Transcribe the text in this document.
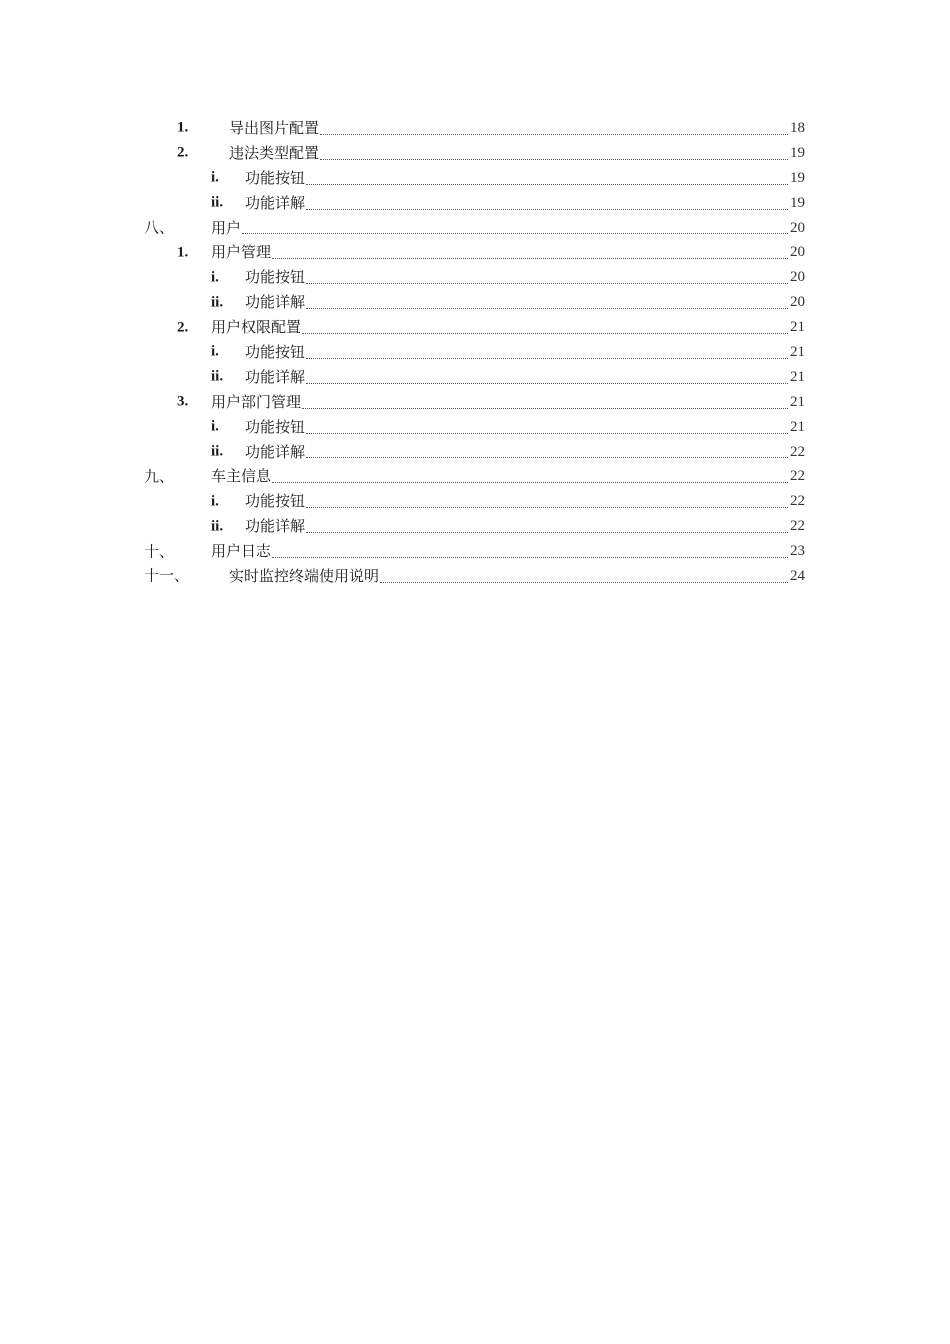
1.	导出图片配置	18
2.	违法类型配置	19
i. 功能按钮	19
ii. 功能详解	19
八、 用户	20
1. 用户管理	20
i. 功能按钮	20
ii. 功能详解	20
2. 用户权限配置	21
i. 功能按钮	21
ii. 功能详解	21
3. 用户部门管理	21
i. 功能按钮	21
ii. 功能详解	22
九、 车主信息	22
i. 功能按钮	22
ii. 功能详解	22
十、 用户日志	23
十一、	实时监控终端使用说明	24
